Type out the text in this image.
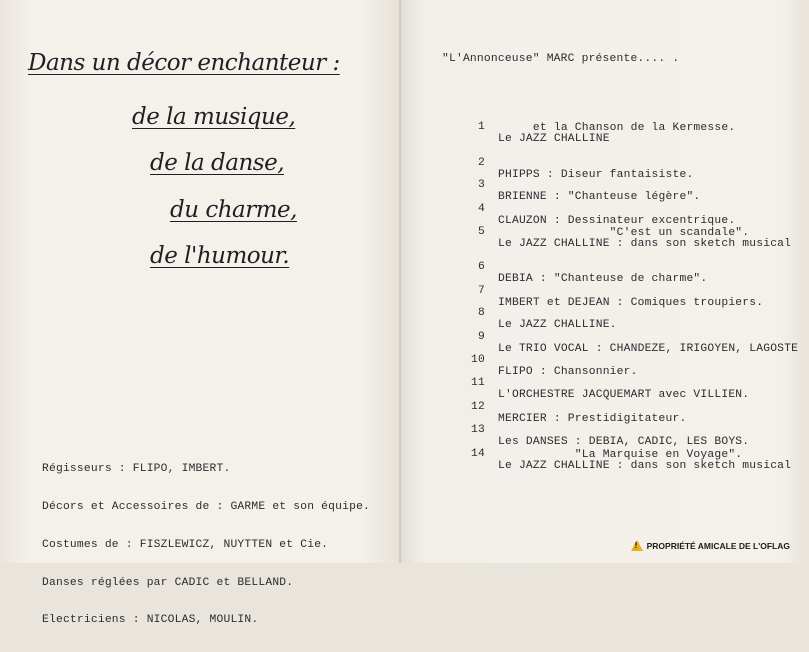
Dans un décor enchanteur :
de la musique,
de la danse,
du charme,
de l'humour.

Régisseurs : FLIPO, IMBERT.

Décors et Accessoires de : GARME et son équipe.

Costumes de : FISZLEWICZ, NUYTTEN et Cie.

Danses réglées par CADIC et BELLAND.

Electriciens : NICOLAS, MOULIN.

"L'Annonceuse" MARC présente.... .

1

Le JAZZ CHALLINE

et la Chanson de la Kermesse.

2

PHIPPS : Diseur fantaisiste.

3

BRIENNE : "Chanteuse légère".

4

CLAUZON : Dessinateur excentrique.

5

Le JAZZ CHALLINE : dans son sketch musical

"C'est un scandale".

6

DEBIA : "Chanteuse de charme".

7

IMBERT et DEJEAN : Comiques troupiers.

8

Le JAZZ CHALLINE.

9

Le TRIO VOCAL : CHANDEZE, IRIGOYEN, LAGOSTE

10

FLIPO : Chansonnier.

11

L'ORCHESTRE JACQUEMART avec VILLIEN.

12

MERCIER : Prestidigitateur.

13

Les DANSES : DEBIA, CADIC, LES BOYS.

14

Le JAZZ CHALLINE : dans son sketch musical

"La Marquise en Voyage".

!
PROPRIÉTÉ AMICALE DE L'OFLAG
